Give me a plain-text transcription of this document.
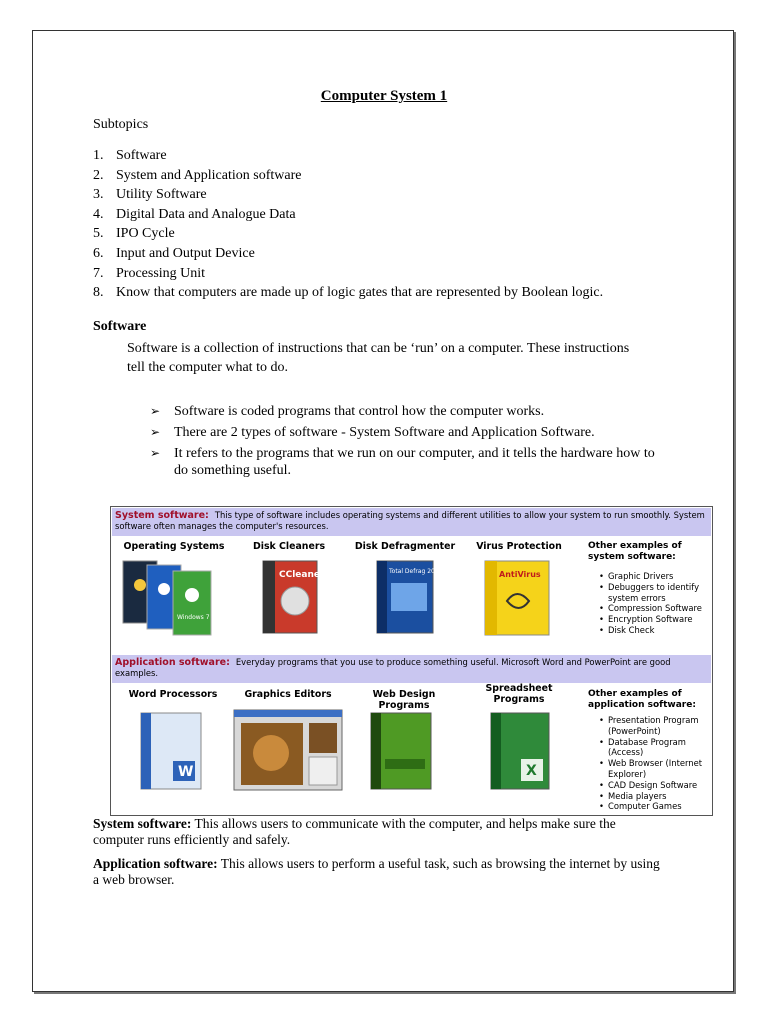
Computer System 1
Subtopics
1. Software
2. System and Application software
3. Utility Software
4. Digital Data and Analogue Data
5. IPO Cycle
6. Input and Output Device
7. Processing Unit
8. Know that computers are made up of logic gates that are represented by Boolean logic.
Software
Software is a collection of instructions that can be ‘run’ on a computer. These instructions tell the computer what to do.
➢ Software is coded programs that control how the computer works.
➢ There are 2 types of software - System Software and Application Software.
➢ It refers to the programs that we run on our computer, and it tells the hardware how to do something useful.
System software: This type of software includes operating systems and different utilities to allow your system to run smoothly. System software often manages the computer's resources.
Operating Systems	Disk Cleaners	Disk Defragmenter	Virus Protection
Windows 7
CCleaner	Total Defrag 2009	AntiVirus
Other examples of system software:
• Graphic Drivers
• Debuggers to identify system errors
• Compression Software
• Encryption Software
• Disk Check
Application software: Everyday programs that you use to produce something useful. Microsoft Word and PowerPoint are good examples.
Word Processors	Graphics Editors	Web Design Programs
Spreadsheet Programs
W	X
Other examples of application software:
• Presentation Program (PowerPoint)
• Database Program (Access)
• Web Browser (Internet Explorer)
• CAD Design Software
• Media players
• Computer Games
System software: This allows users to communicate with the computer, and helps make sure the computer runs efficiently and safely.
Application software: This allows users to perform a useful task, such as browsing the internet by using a web browser.
